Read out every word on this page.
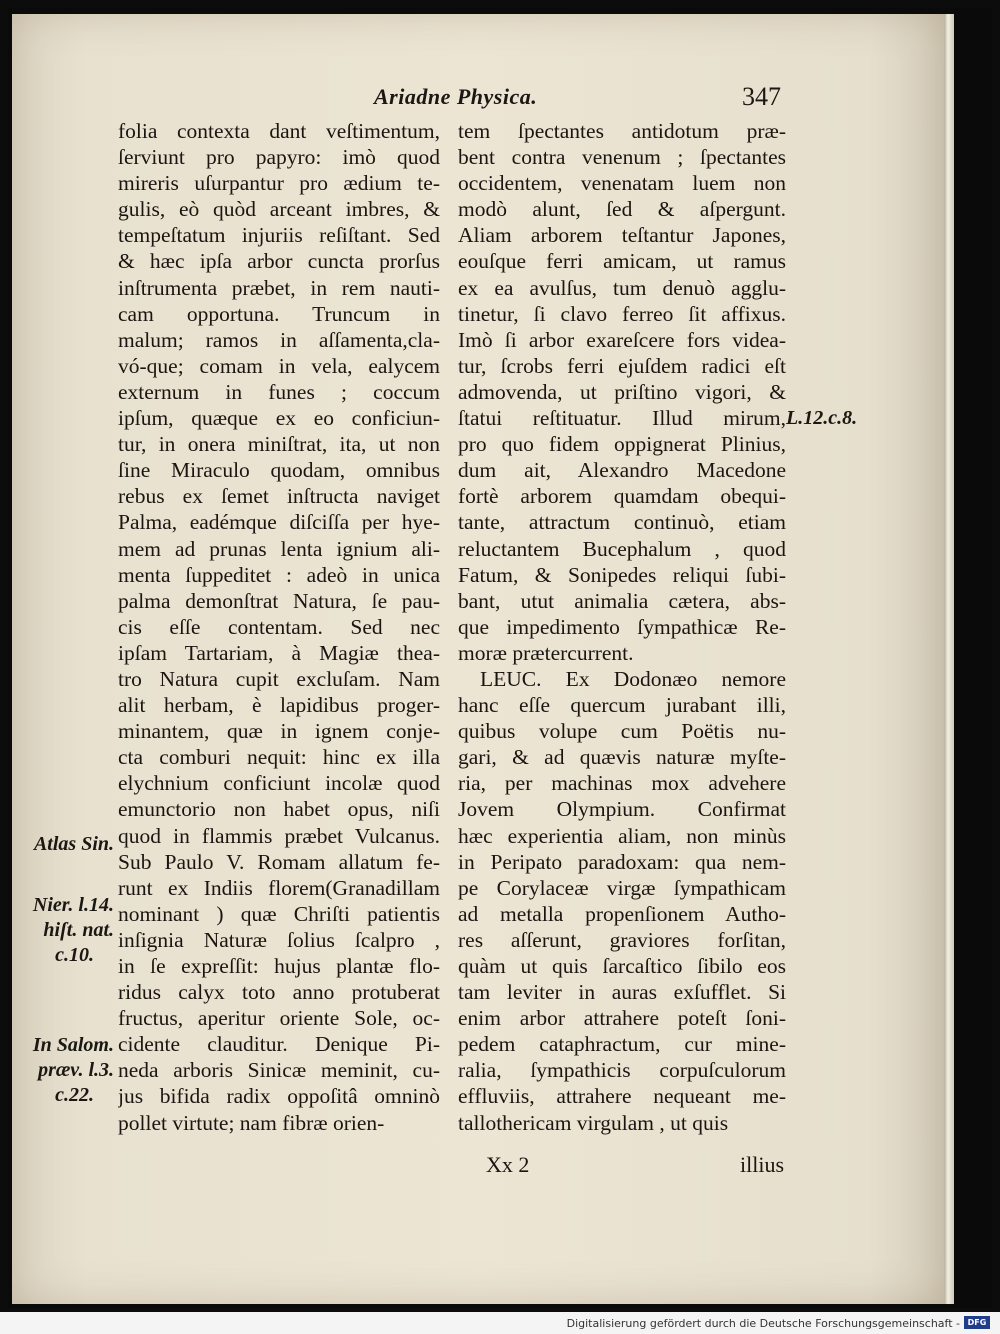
Ariadne Physica.	347
folia contexta dant veſtimentum,
ſerviunt pro papyro: imò quod
mireris uſurpantur pro ædium te-
gulis, eò quòd arceant imbres, &
tempeſtatum injuriis reſiſtant. Sed
& hæc ipſa arbor cuncta prorſus
inſtrumenta præbet, in rem nauti-
cam opportuna. Truncum in
malum; ramos in aſſamenta,cla-
vó-que; comam in vela, ealycem
externum in funes ; coccum
ipſum, quæque ex eo conficiun-
tur, in onera miniſtrat, ita, ut non
ſine Miraculo quodam, omnibus
rebus ex ſemet inſtructa naviget
Palma, eadémque diſciſſa per hye-
mem ad prunas lenta ignium ali-
menta ſuppeditet : adeò in unica
palma demonſtrat Natura, ſe pau-
cis eſſe contentam. Sed nec
ipſam Tartariam, à Magiæ thea-
tro Natura cupit excluſam. Nam
alit herbam, è lapidibus proger-
minantem, quæ in ignem conje-
cta comburi nequit: hinc ex illa
elychnium conficiunt incolæ quod
emunctorio non habet opus, niſi
quod in flammis præbet Vulcanus.
Sub Paulo V. Romam allatum fe-
runt ex Indiis florem(Granadillam
nominant ) quæ Chriſti patientis
inſignia Naturæ ſolius ſcalpro ,
in ſe expreſſit: hujus plantæ flo-
ridus calyx toto anno protuberat
fructus, aperitur oriente Sole, oc-
cidente clauditur. Denique Pi-
neda arboris Sinicæ meminit, cu-
jus bifida radix oppoſitâ omninò
pollet virtute; nam fibræ orien-
tem ſpectantes antidotum præ-
bent contra venenum ; ſpectantes
occidentem, venenatam luem non
modò alunt, ſed & aſpergunt.
Aliam arborem teſtantur Japones,
eouſque ferri amicam, ut ramus
ex ea avulſus, tum denuò agglu-
tinetur, ſi clavo ferreo ſit affixus.
Imò ſi arbor exareſcere fors videa-
tur, ſcrobs ferri ejuſdem radici eſt
admovenda, ut priſtino vigori, &
ſtatui reſtituatur. Illud mirum,
pro quo fidem oppignerat Plinius,
dum ait, Alexandro Macedone
fortè arborem quamdam obequi-
tante, attractum continuò, etiam
reluctantem Bucephalum , quod
Fatum, & Sonipedes reliqui ſubi-
bant, utut animalia cætera, abs-
que impedimento ſympathicæ Re-
moræ prætercurrent.
LEUC. Ex Dodonæo nemore
hanc eſſe quercum jurabant illi,
quibus volupe cum Poëtis nu-
gari, & ad quævis naturæ myſte-
ria, per machinas mox advehere
Jovem Olympium. Confirmat
hæc experientia aliam, non minùs
in Peripato paradoxam: qua nem-
pe Corylaceæ virgæ ſympathicam
ad metalla propenſionem Autho-
res aſſerunt, graviores forſitan,
quàm ut quis ſarcaſtico ſibilo eos
tam leviter in auras exſufflet. Si
enim arbor attrahere poteſt ſoni-
pedem cataphractum, cur mine-
ralia, ſympathicis corpuſculorum
effluviis, attrahere nequeant me-
tallothericam virgulam , ut quis
L.12.c.8.
Atlas Sin.
Nier. l.14.
hiſt. nat.
c.10.
In Salom.
præv. l.3.
c.22.
Xx 2	illius
Digitalisierung gefördert durch die Deutsche Forschungsgemeinschaft - DFG
